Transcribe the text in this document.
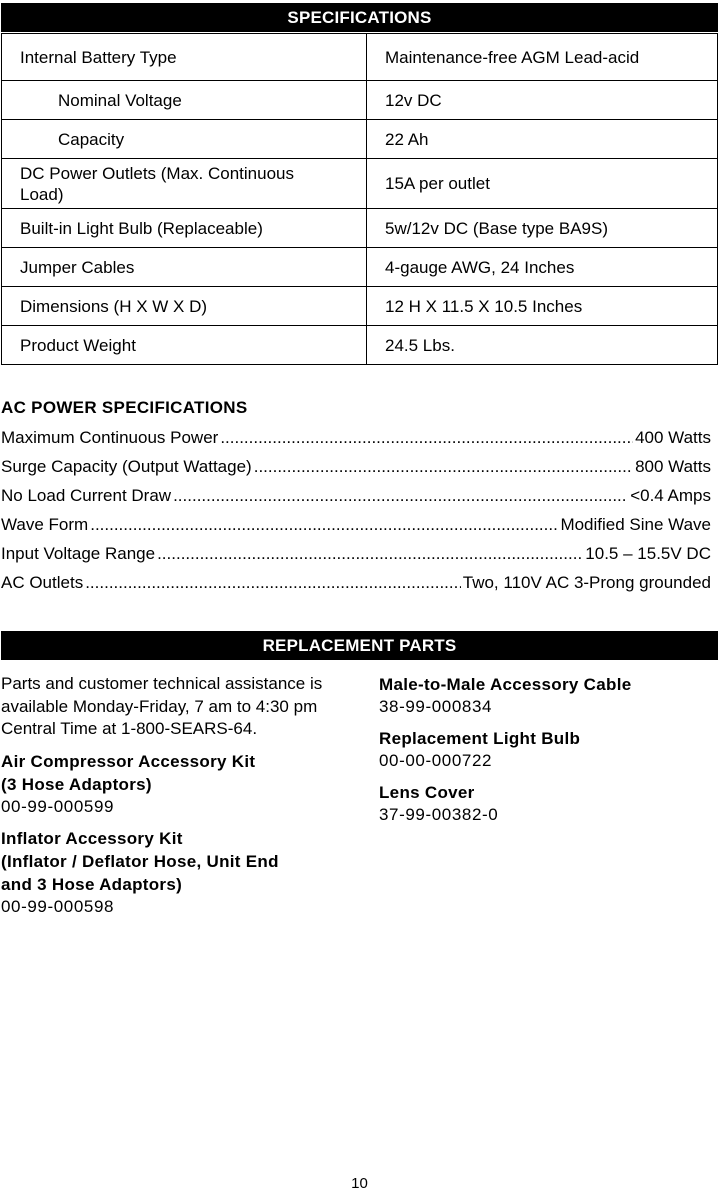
SPECIFICATIONS
Internal Battery Type	Maintenance-free AGM Lead-acid
Nominal Voltage	12v DC
Capacity	22 Ah
DC Power Outlets (Max. Continuous Load)	15A per outlet
Built-in Light Bulb (Replaceable)	5w/12v DC (Base type BA9S)
Jumper Cables	4-gauge AWG, 24 Inches
Dimensions (H X W X D)	12 H X 11.5 X 10.5 Inches
Product Weight	24.5 Lbs.
AC POWER SPECIFICATIONS
Maximum Continuous Power .....	400 Watts
Surge Capacity (Output Wattage) .....	800 Watts
No Load Current Draw .....	<0.4 Amps
Wave Form .....	Modified Sine Wave
Input Voltage Range .....	10.5 – 15.5V DC
AC Outlets .....	Two, 110V AC 3-Prong grounded
REPLACEMENT PARTS

Parts and customer technical assistance is

available Monday-Friday, 7 am to 4:30 pm

Central Time at 1-800-SEARS-64.

Air Compressor Accessory Kit

(3 Hose Adaptors)

00-99-000599

Inflator Accessory Kit

(Inflator / Deflator Hose, Unit End

and 3 Hose Adaptors)

00-99-000598

Male-to-Male Accessory Cable

38-99-000834

Replacement Light Bulb

00-00-000722

Lens Cover

37-99-00382-0

10
